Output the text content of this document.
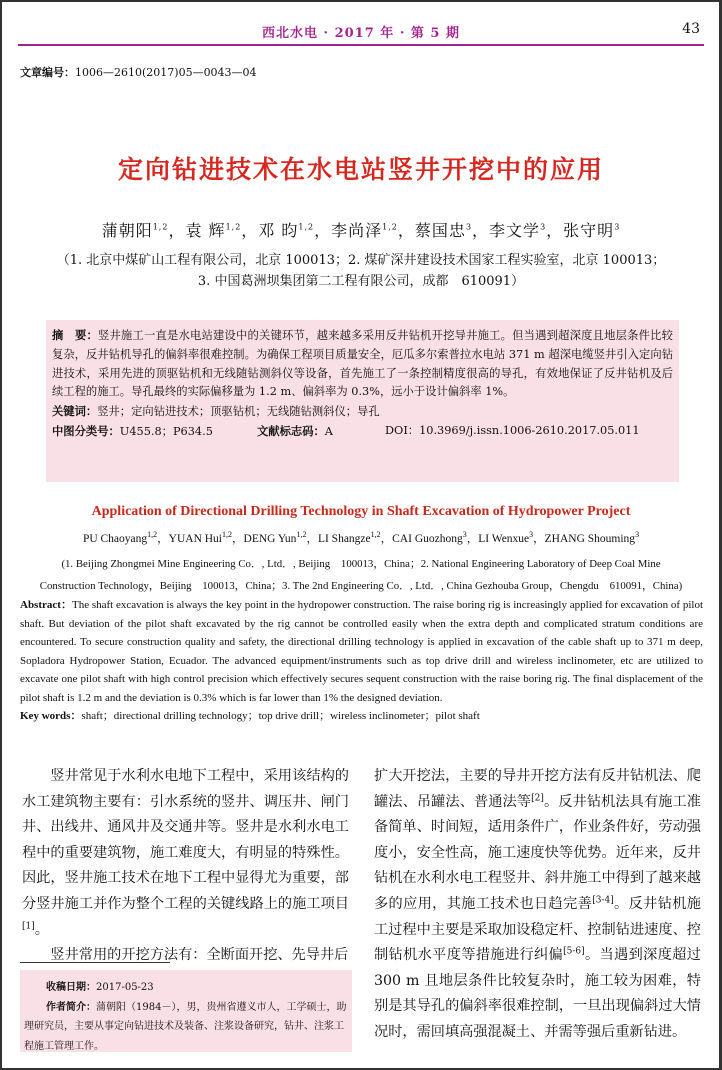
西北水电 · 2017 年 · 第 5 期	43
文章编号：1006—2610(2017)05—0043—04
定向钻进技术在水电站竖井开挖中的应用
蒲朝阳$^{1,2}$，袁 辉$^{1,2}$，邓 昀$^{1,2}$，李尚泽$^{1,2}$，蔡国忠$^3$，李文学$^3$，张守明$^3$
（1. 北京中煤矿山工程有限公司，北京 100013；2. 煤矿深井建设技术国家工程实验室，北京 100013；
3. 中国葛洲坝集团第二工程有限公司，成都　610091）

摘　要：竖井施工一直是水电站建设中的关键环节，越来越多采用反井钻机开挖导井施工。但当遇到超深度且地层条件比较复杂，反井钻机导孔的偏斜率很难控制。为确保工程项目质量安全，厄瓜多尔索普拉水电站 371 m 超深电缆竖井引入定向钻进技术，采用先进的顶驱钻机和无线随钻测斜仪等设备，首先施工了一条控制精度很高的导孔，有效地保证了反井钻机及后续工程的施工。导孔最终的实际偏移量为 1.2 m、偏斜率为 0.3%，远小于设计偏斜率 1%。

关键词：竖井；定向钻进技术；顶驱钻机；无线随钻测斜仪；导孔

中图分类号：U455.8；P634.5	文献标志码：A	DOI：10.3969/j.issn.1006-2610.2017.05.011

Application of Directional Drilling Technology in Shaft Excavation of Hydropower Project
PU Chaoyang$^{1,2}$，YUAN Hui$^{1,2}$，DENG Yun$^{1,2}$，LI Shangze$^{1,2}$，CAI Guozhong$^3$，LI Wenxue$^3$，ZHANG Shouming$^3$
(1. Beijing Zhongmei Mine Engineering Co．, Ltd．, Beijing　100013，China；2. National Engineering Laboratory of Deep Coal Mine
Construction Technology，Beijing　100013，China；3. The 2nd Engineering Co．, Ltd．, China Gezhouba Group，Chengdu　610091，China)

Abstract：The shaft excavation is always the key point in the hydropower construction. The raise boring rig is increasingly applied for excavation of pilot shaft. But deviation of the pilot shaft excavated by the rig cannot be controlled easily when the extra depth and complicated stratum conditions are encountered. To secure construction quality and safety, the directional drilling technology is applied in excavation of the cable shaft up to 371 m deep, Sopladora Hydropower Station, Ecuador. The advanced equipment/instruments such as top drive drill and wireless inclinometer, etc are utilized to excavate one pilot shaft with high control precision which effectively secures sequent construction with the raise boring rig. The final displacement of the pilot shaft is 1.2 m and the deviation is 0.3% which is far lower than 1% the designed deviation.

Key words：shaft；directional drilling technology；top drive drill；wireless inclinometer；pilot shaft

竖井常见于水利水电地下工程中，采用该结构的水工建筑物主要有：引水系统的竖井、调压井、闸门井、出线井、通风井及交通井等。竖井是水利水电工程中的重要建筑物，施工难度大，有明显的特殊性。因此，竖井施工技术在地下工程中显得尤为重要，部分竖井施工并作为整个工程的关键线路上的施工项目[1]。

竖井常用的开挖方法有：全断面开挖、先导井后

扩大开挖法，主要的导井开挖方法有反井钻机法、爬罐法、吊罐法、普通法等[2]。反井钻机法具有施工准备简单、时间短，适用条件广，作业条件好，劳动强度小，安全性高，施工速度快等优势。近年来，反井钻机在水利水电工程竖井、斜井施工中得到了越来越多的应用，其施工技术也日趋完善[3-4]。反井钻机施工过程中主要是采取加设稳定杆、控制钻进速度、控制钻机水平度等措施进行纠偏[5-6]。当遇到深度超过 300 m 且地层条件比较复杂时，施工较为困难，特别是其导孔的偏斜率很难控制，一旦出现偏斜过大情况时，需回填高强混凝土、并需等强后重新钻进。

收稿日期：2017-05-23

作者简介：蒲朝阳（1984－），男，贵州省遵义市人，工学硕士，助理研究员，主要从事定向钻进技术及装备、注浆设备研究，钻井、注浆工程施工管理工作。
